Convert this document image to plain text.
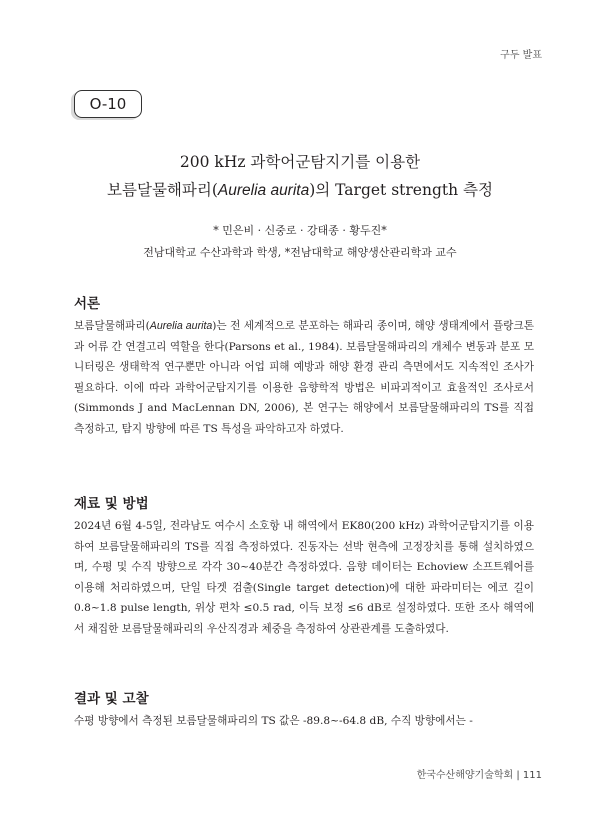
구두 발표
O-10
200 kHz 과학어군탐지기를 이용한
보름달물해파리(Aurelia aurita)의 Target strength 측정
* 민은비 · 신중로 · 강태종 · 황두진*
전남대학교 수산과학과 학생, *전남대학교 해양생산관리학과 교수
서론

보름달물해파리(Aurelia aurita)는 전 세계적으로 분포하는 해파리 종이며, 해양 생태계에서 플랑크톤과 어류 간 연결고리 역할을 한다(Parsons et al., 1984). 보름달물해파리의 개체수 변동과 분포 모니터링은 생태학적 연구뿐만 아니라 어업 피해 예방과 해양 환경 관리 측면에서도 지속적인 조사가 필요하다. 이에 따라 과학어군탐지기를 이용한 음향학적 방법은 비파괴적이고 효율적인 조사로서(Simmonds J and MacLennan DN, 2006), 본 연구는 해양에서 보름달물해파리의 TS를 직접 측정하고, 탐지 방향에 따른 TS 특성을 파악하고자 하였다.

재료 및 방법

2024년 6월 4-5일, 전라남도 여수시 소호항 내 해역에서 EK80(200 kHz) 과학어군탐지기를 이용하여 보름달물해파리의 TS를 직접 측정하였다. 진동자는 선박 현측에 고정장치를 통해 설치하였으며, 수평 및 수직 방향으로 각각 30~40분간 측정하였다. 음향 데이터는 Echoview 소프트웨어를 이용해 처리하였으며, 단일 타겟 검출(Single target detection)에 대한 파라미터는 에코 길이 0.8~1.8 pulse length, 위상 편차 ≤0.5 rad, 이득 보정 ≤6 dB로 설정하였다. 또한 조사 해역에서 채집한 보름달물해파리의 우산직경과 체중을 측정하여 상관관계를 도출하였다.

결과 및 고찰

수평 방향에서 측정된 보름달물해파리의 TS 값은 -89.8~-64.8 dB, 수직 방향에서는 -

한국수산해양기술학회 | 111
